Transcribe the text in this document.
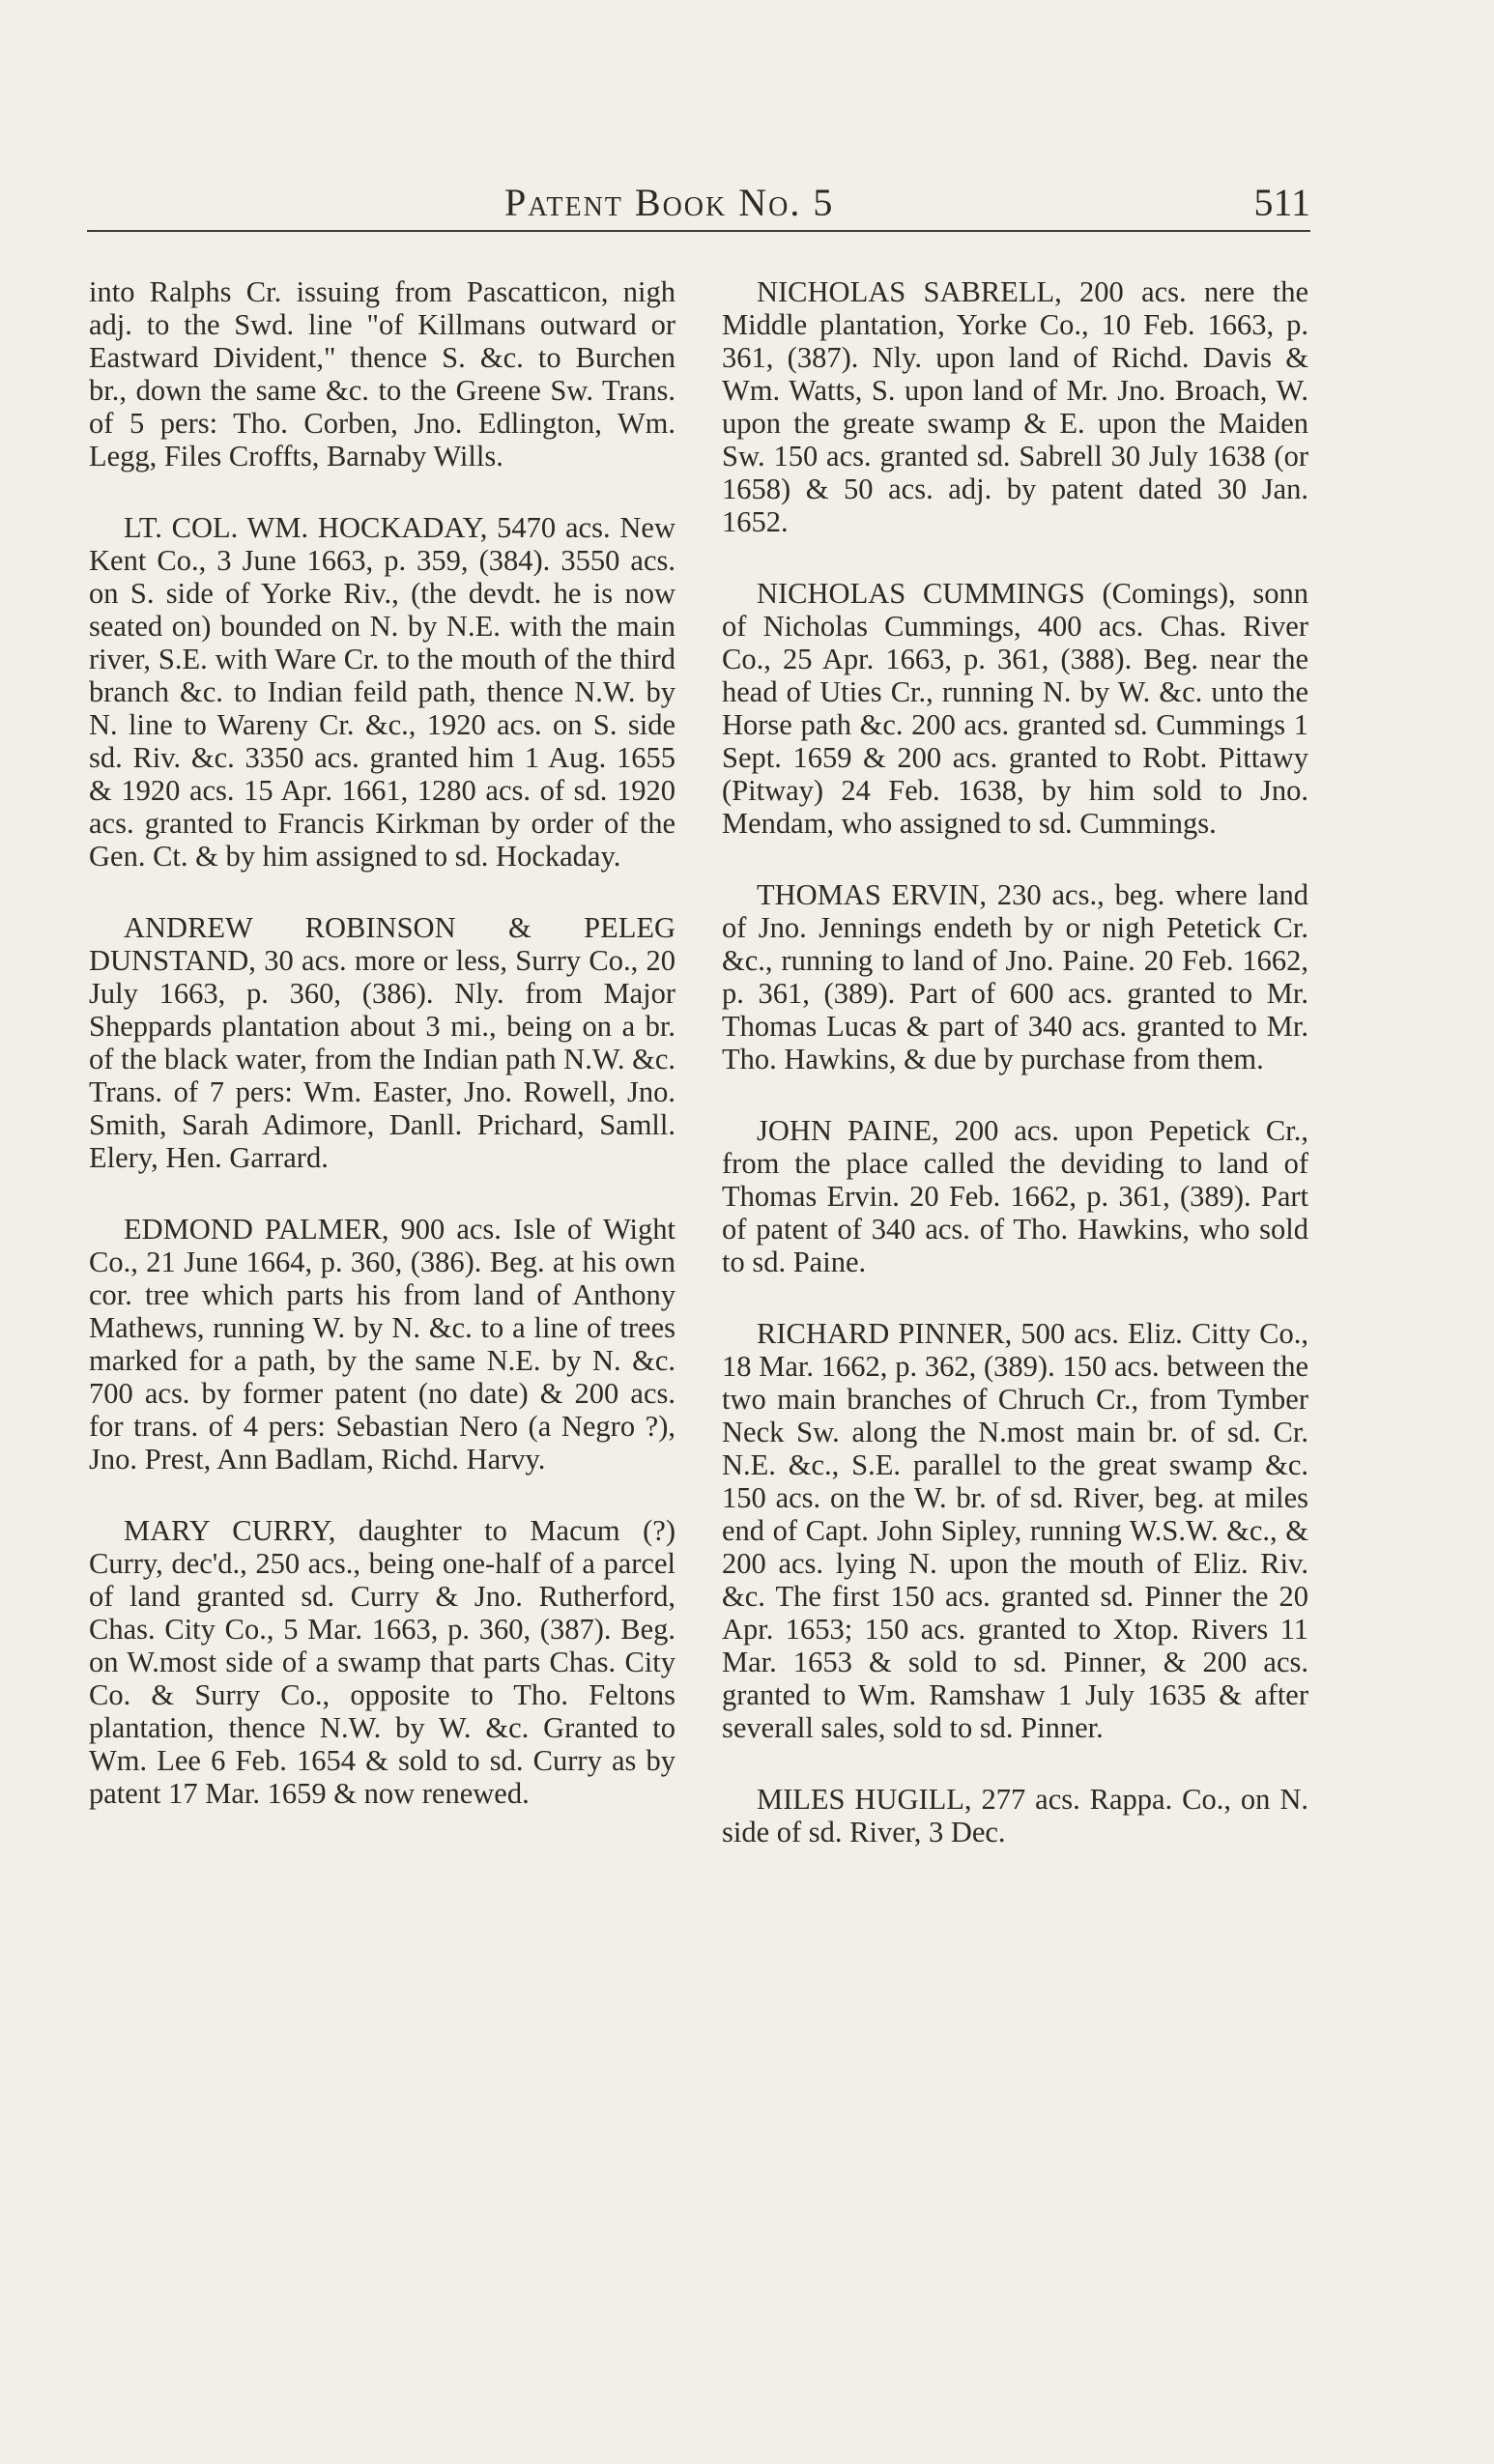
Patent Book No. 5	511

into Ralphs Cr. issuing from Pascatticon, nigh adj. to the Swd. line "of Killmans outward or Eastward Divident," thence S. &c. to Burchen br., down the same &c. to the Greene Sw. Trans. of 5 pers: Tho. Corben, Jno. Edlington, Wm. Legg, Files Croffts, Barnaby Wills.

LT. COL. WM. HOCKADAY, 5470 acs. New Kent Co., 3 June 1663, p. 359, (384). 3550 acs. on S. side of Yorke Riv., (the devdt. he is now seated on) bounded on N. by N.E. with the main river, S.E. with Ware Cr. to the mouth of the third branch &c. to Indian feild path, thence N.W. by N. line to Wareny Cr. &c., 1920 acs. on S. side sd. Riv. &c. 3350 acs. granted him 1 Aug. 1655 & 1920 acs. 15 Apr. 1661, 1280 acs. of sd. 1920 acs. granted to Francis Kirkman by order of the Gen. Ct. & by him assigned to sd. Hockaday.

ANDREW ROBINSON & PELEG DUNSTAND, 30 acs. more or less, Surry Co., 20 July 1663, p. 360, (386). Nly. from Major Sheppards plantation about 3 mi., being on a br. of the black water, from the Indian path N.W. &c. Trans. of 7 pers: Wm. Easter, Jno. Rowell, Jno. Smith, Sarah Adimore, Danll. Prichard, Samll. Elery, Hen. Garrard.

EDMOND PALMER, 900 acs. Isle of Wight Co., 21 June 1664, p. 360, (386). Beg. at his own cor. tree which parts his from land of Anthony Mathews, running W. by N. &c. to a line of trees marked for a path, by the same N.E. by N. &c. 700 acs. by former patent (no date) & 200 acs. for trans. of 4 pers: Sebastian Nero (a Negro ?), Jno. Prest, Ann Badlam, Richd. Harvy.

MARY CURRY, daughter to Macum (?) Curry, dec'd., 250 acs., being one-half of a parcel of land granted sd. Curry & Jno. Rutherford, Chas. City Co., 5 Mar. 1663, p. 360, (387). Beg. on W.most side of a swamp that parts Chas. City Co. & Surry Co., opposite to Tho. Feltons plantation, thence N.W. by W. &c. Granted to Wm. Lee 6 Feb. 1654 & sold to sd. Curry as by patent 17 Mar. 1659 & now renewed.

NICHOLAS SABRELL, 200 acs. nere the Middle plantation, Yorke Co., 10 Feb. 1663, p. 361, (387). Nly. upon land of Richd. Davis & Wm. Watts, S. upon land of Mr. Jno. Broach, W. upon the greate swamp & E. upon the Maiden Sw. 150 acs. granted sd. Sabrell 30 July 1638 (or 1658) & 50 acs. adj. by patent dated 30 Jan. 1652.

NICHOLAS CUMMINGS (Comings), sonn of Nicholas Cummings, 400 acs. Chas. River Co., 25 Apr. 1663, p. 361, (388). Beg. near the head of Uties Cr., running N. by W. &c. unto the Horse path &c. 200 acs. granted sd. Cummings 1 Sept. 1659 & 200 acs. granted to Robt. Pittawy (Pitway) 24 Feb. 1638, by him sold to Jno. Mendam, who assigned to sd. Cummings.

THOMAS ERVIN, 230 acs., beg. where land of Jno. Jennings endeth by or nigh Petetick Cr. &c., running to land of Jno. Paine. 20 Feb. 1662, p. 361, (389). Part of 600 acs. granted to Mr. Thomas Lucas & part of 340 acs. granted to Mr. Tho. Hawkins, & due by purchase from them.

JOHN PAINE, 200 acs. upon Pepetick Cr., from the place called the deviding to land of Thomas Ervin. 20 Feb. 1662, p. 361, (389). Part of patent of 340 acs. of Tho. Hawkins, who sold to sd. Paine.

RICHARD PINNER, 500 acs. Eliz. Citty Co., 18 Mar. 1662, p. 362, (389). 150 acs. between the two main branches of Chruch Cr., from Tymber Neck Sw. along the N.most main br. of sd. Cr. N.E. &c., S.E. parallel to the great swamp &c. 150 acs. on the W. br. of sd. River, beg. at miles end of Capt. John Sipley, running W.S.W. &c., & 200 acs. lying N. upon the mouth of Eliz. Riv. &c. The first 150 acs. granted sd. Pinner the 20 Apr. 1653; 150 acs. granted to Xtop. Rivers 11 Mar. 1653 & sold to sd. Pinner, & 200 acs. granted to Wm. Ramshaw 1 July 1635 & after severall sales, sold to sd. Pinner.

MILES HUGILL, 277 acs. Rappa. Co., on N. side of sd. River, 3 Dec.
